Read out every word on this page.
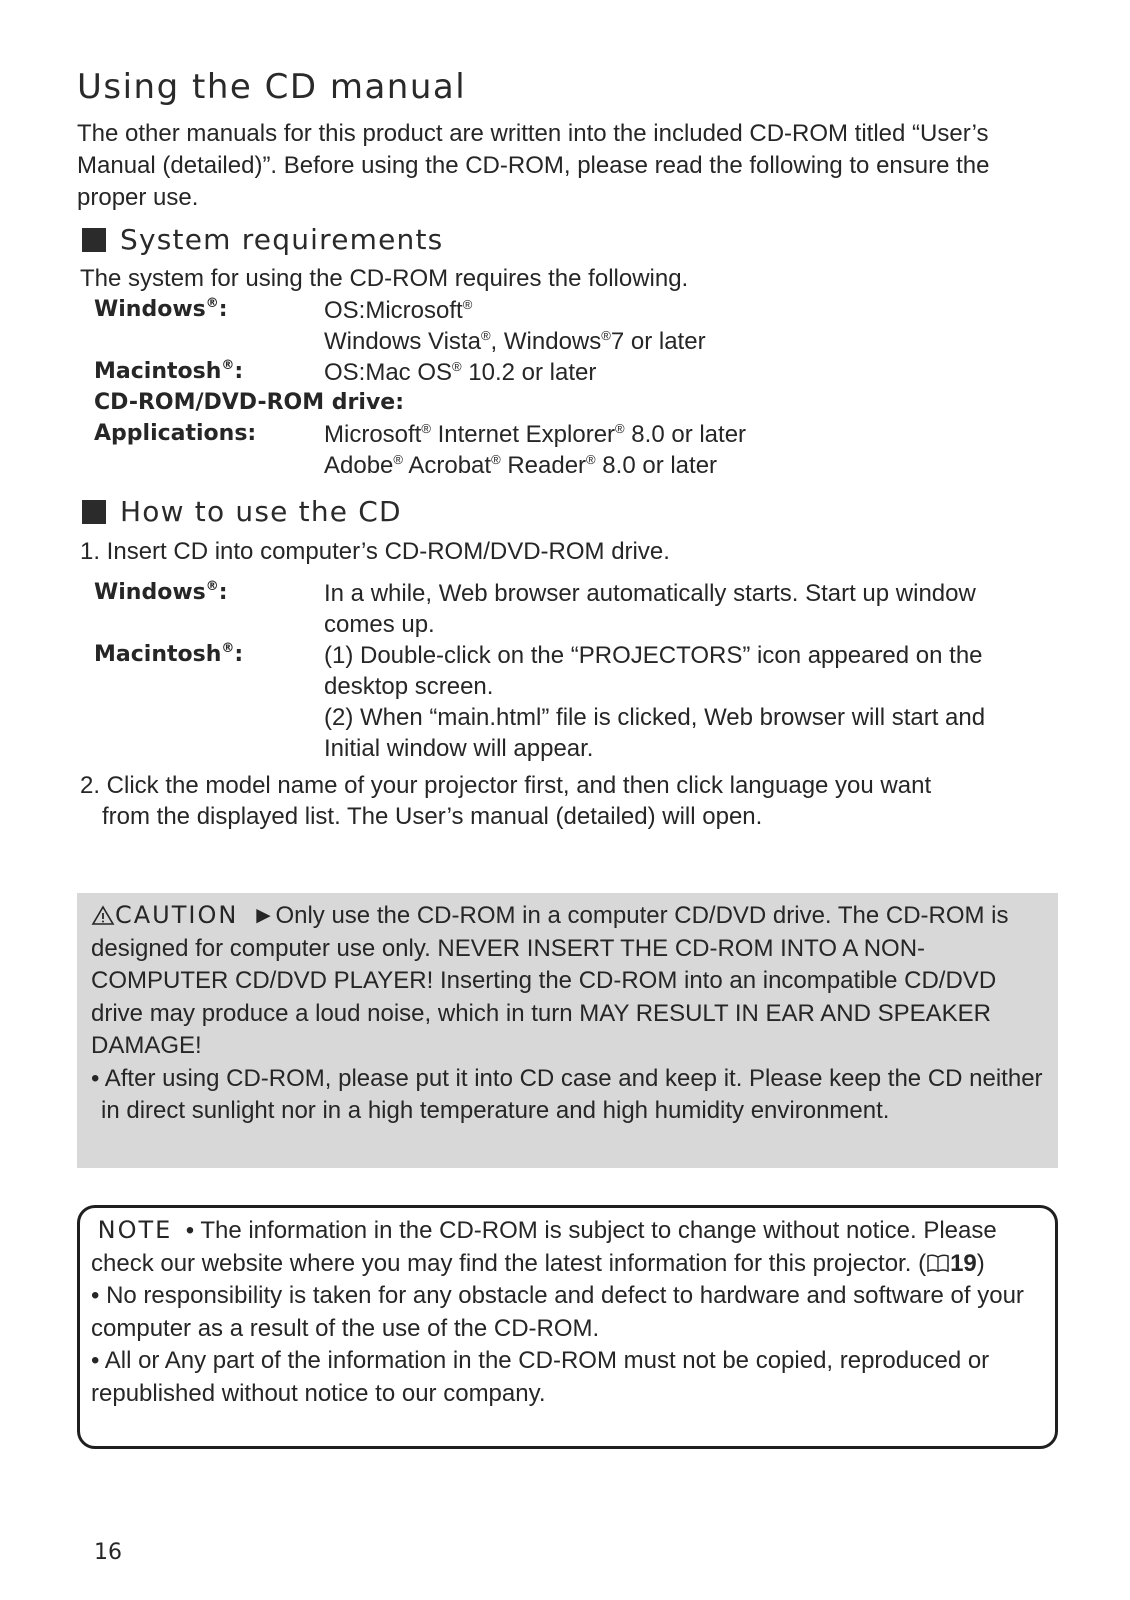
Using the CD manual

The other manuals for this product are written into the included CD-ROM titled “User’s Manual (detailed)”. Before using the CD-ROM, please read the following to ensure the proper use.

System requirements
The system for using the CD-ROM requires the following.
Windows®:	OS:Microsoft®
Windows Vista®, Windows®7 or later
Macintosh®:	OS:Mac OS® 10.2 or later
CD-ROM/DVD-ROM drive:
Applications:	Microsoft® Internet Explorer® 8.0 or later
Adobe® Acrobat® Reader® 8.0 or later
How to use the CD
1. Insert CD into computer’s CD-ROM/DVD-ROM drive.
Windows®:	In a while, Web browser automatically starts. Start up window comes up.
Macintosh®:	(1) Double-click on the “PROJECTORS” icon appeared on the desktop screen.
(2) When “main.html” file is clicked, Web browser will start and Initial window will appear.
2. Click the model name of your projector first, and then click language you want
from the displayed list. The User’s manual (detailed) will open.

CAUTION ►Only use the CD-ROM in a computer CD/DVD drive. The CD-ROM is designed for computer use only. NEVER INSERT THE CD-ROM INTO A NON-COMPUTER CD/DVD PLAYER! Inserting the CD-ROM into an incompatible CD/DVD drive may produce a loud noise, which in turn MAY RESULT IN EAR AND SPEAKER DAMAGE!

• After using CD-ROM, please put it into CD case and keep it. Please keep the CD neither in direct sunlight nor in a high temperature and high humidity environment.

NOTE • The information in the CD-ROM is subject to change without notice. Please check our website where you may find the latest information for this projector. ( 19)

• No responsibility is taken for any obstacle and defect to hardware and software of your computer as a result of the use of the CD-ROM.

• All or Any part of the information in the CD-ROM must not be copied, reproduced or republished without notice to our company.

16
